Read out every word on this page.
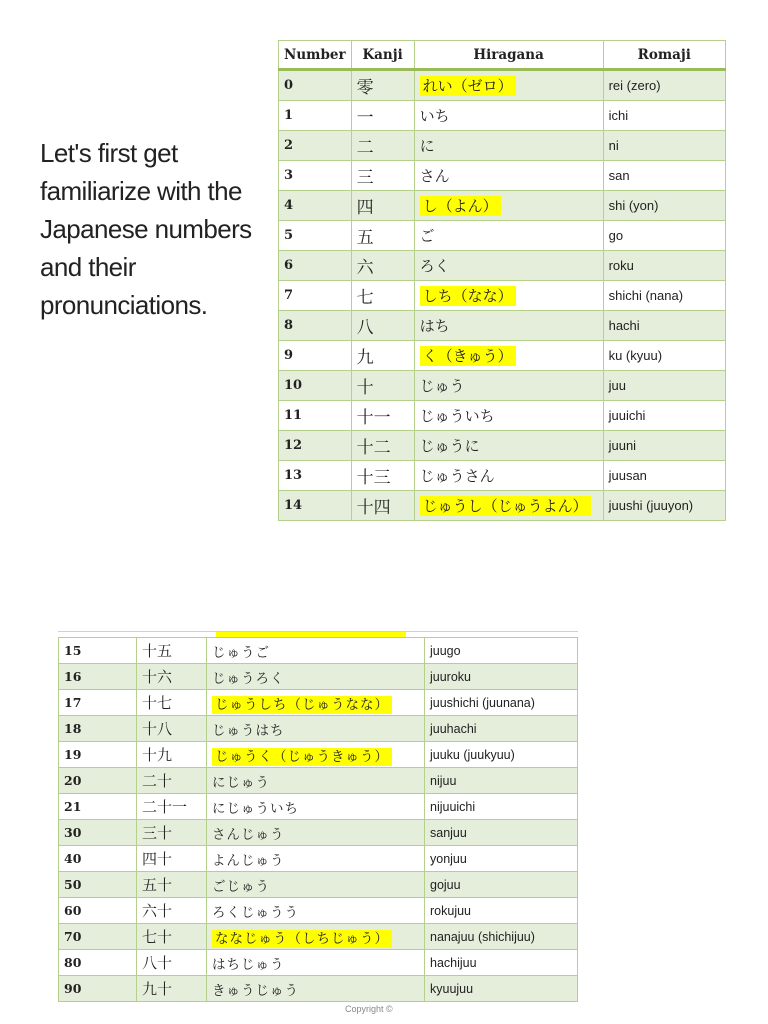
Let's first get familiarize with the Japanese numbers and their pronunciations.
Number	Kanji	Hiragana	Romaji
0	零	れい（ゼロ）	rei (zero)
1	一	いち	ichi
2	二	に	ni
3	三	さん	san
4	四	し（よん）	shi (yon)
5	五	ご	go
6	六	ろく	roku
7	七	しち（なな）	shichi (nana)
8	八	はち	hachi
9	九	く（きゅう）	ku (kyuu)
10	十	じゅう	juu
11	十一	じゅういち	juuichi
12	十二	じゅうに	juuni
13	十三	じゅうさん	juusan
14	十四	じゅうし（じゅうよん）	juushi (juuyon)
15	十五	じゅうご	juugo
16	十六	じゅうろく	juuroku
17	十七	じゅうしち（じゅうなな）	juushichi (juunana)
18	十八	じゅうはち	juuhachi
19	十九	じゅうく（じゅうきゅう）	juuku (juukyuu)
20	二十	にじゅう	nijuu
21	二十一	にじゅういち	nijuuichi
30	三十	さんじゅう	sanjuu
40	四十	よんじゅう	yonjuu
50	五十	ごじゅう	gojuu
60	六十	ろくじゅうう	rokujuu
70	七十	ななじゅう（しちじゅう）	nanajuu (shichijuu)
80	八十	はちじゅう	hachijuu
90	九十	きゅうじゅう	kyuujuu
Copyright ©
